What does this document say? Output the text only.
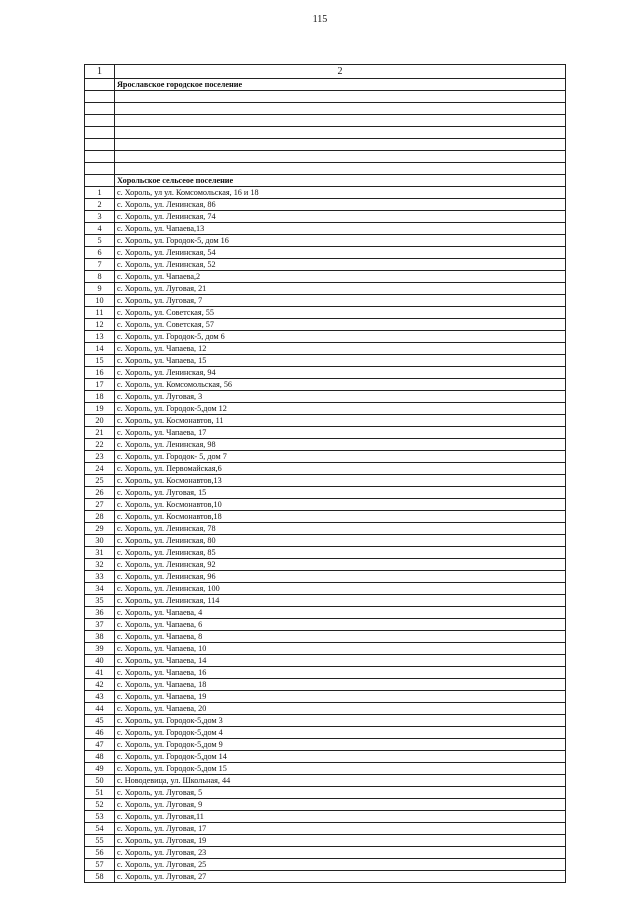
115
1	2
	Ярославское городское поселение

	Хорольское сельсеое поселение
1	с. Хороль, ул ул. Комсомольская, 16 и 18
2	с. Хороль, ул. Ленинская, 86
3	с. Хороль, ул. Ленинская, 74
4	с. Хороль, ул. Чапаева,13
5	с. Хороль, ул. Городок-5, дом 16
6	с. Хороль, ул. Ленинская, 54
7	с. Хороль, ул. Ленинская, 52
8	с. Хороль, ул. Чапаева,2
9	с. Хороль, ул. Луговая, 21
10	с. Хороль, ул. Луговая, 7
11	с. Хороль, ул. Советская, 55
12	с. Хороль, ул. Советская, 57
13	с. Хороль, ул. Городок-5, дом 6
14	с. Хороль, ул. Чапаева, 12
15	с. Хороль, ул. Чапаева, 15
16	с. Хороль, ул. Ленинская, 94
17	с. Хороль, ул. Комсомольская, 56
18	с. Хороль, ул. Луговая, 3
19	с. Хороль, ул. Городок-5,дом 12
20	с. Хороль, ул. Космонавтов, 11
21	с. Хороль, ул. Чапаева, 17
22	с. Хороль, ул. Ленинская, 98
23	с. Хороль, ул. Городок- 5, дом 7
24	с. Хороль, ул. Первомайская,6
25	с. Хороль, ул. Космонавтов,13
26	с. Хороль, ул. Луговая, 15
27	с. Хороль, ул. Космонавтов,10
28	с. Хороль, ул. Космонавтов,18
29	с. Хороль, ул. Ленинская, 78
30	с. Хороль, ул. Ленинская, 80
31	с. Хороль, ул. Ленинская, 85
32	с. Хороль, ул. Ленинская, 92
33	с. Хороль, ул. Ленинская, 96
34	с. Хороль, ул. Ленинская, 100
35	с. Хороль, ул. Ленинская, 114
36	с. Хороль, ул. Чапаева, 4
37	с. Хороль, ул. Чапаева, 6
38	с. Хороль, ул. Чапаева, 8
39	с. Хороль, ул. Чапаева, 10
40	с. Хороль, ул. Чапаева, 14
41	с. Хороль, ул. Чапаева, 16
42	с. Хороль, ул. Чапаева, 18
43	с. Хороль, ул. Чапаева, 19
44	с. Хороль, ул. Чапаева, 20
45	с. Хороль, ул. Городок-5,дом 3
46	с. Хороль, ул. Городок-5,дом 4
47	с. Хороль, ул. Городок-5,дом 9
48	с. Хороль, ул. Городок-5,дом 14
49	с. Хороль, ул. Городок-5,дом 15
50	с. Новодевица, ул. Школьная, 44
51	с. Хороль, ул. Луговая, 5
52	с. Хороль, ул. Луговая, 9
53	с. Хороль, ул. Луговая,11
54	с. Хороль, ул. Луговая, 17
55	с. Хороль, ул. Луговая, 19
56	с. Хороль, ул. Луговая, 23
57	с. Хороль, ул. Луговая, 25
58	с. Хороль, ул. Луговая, 27
